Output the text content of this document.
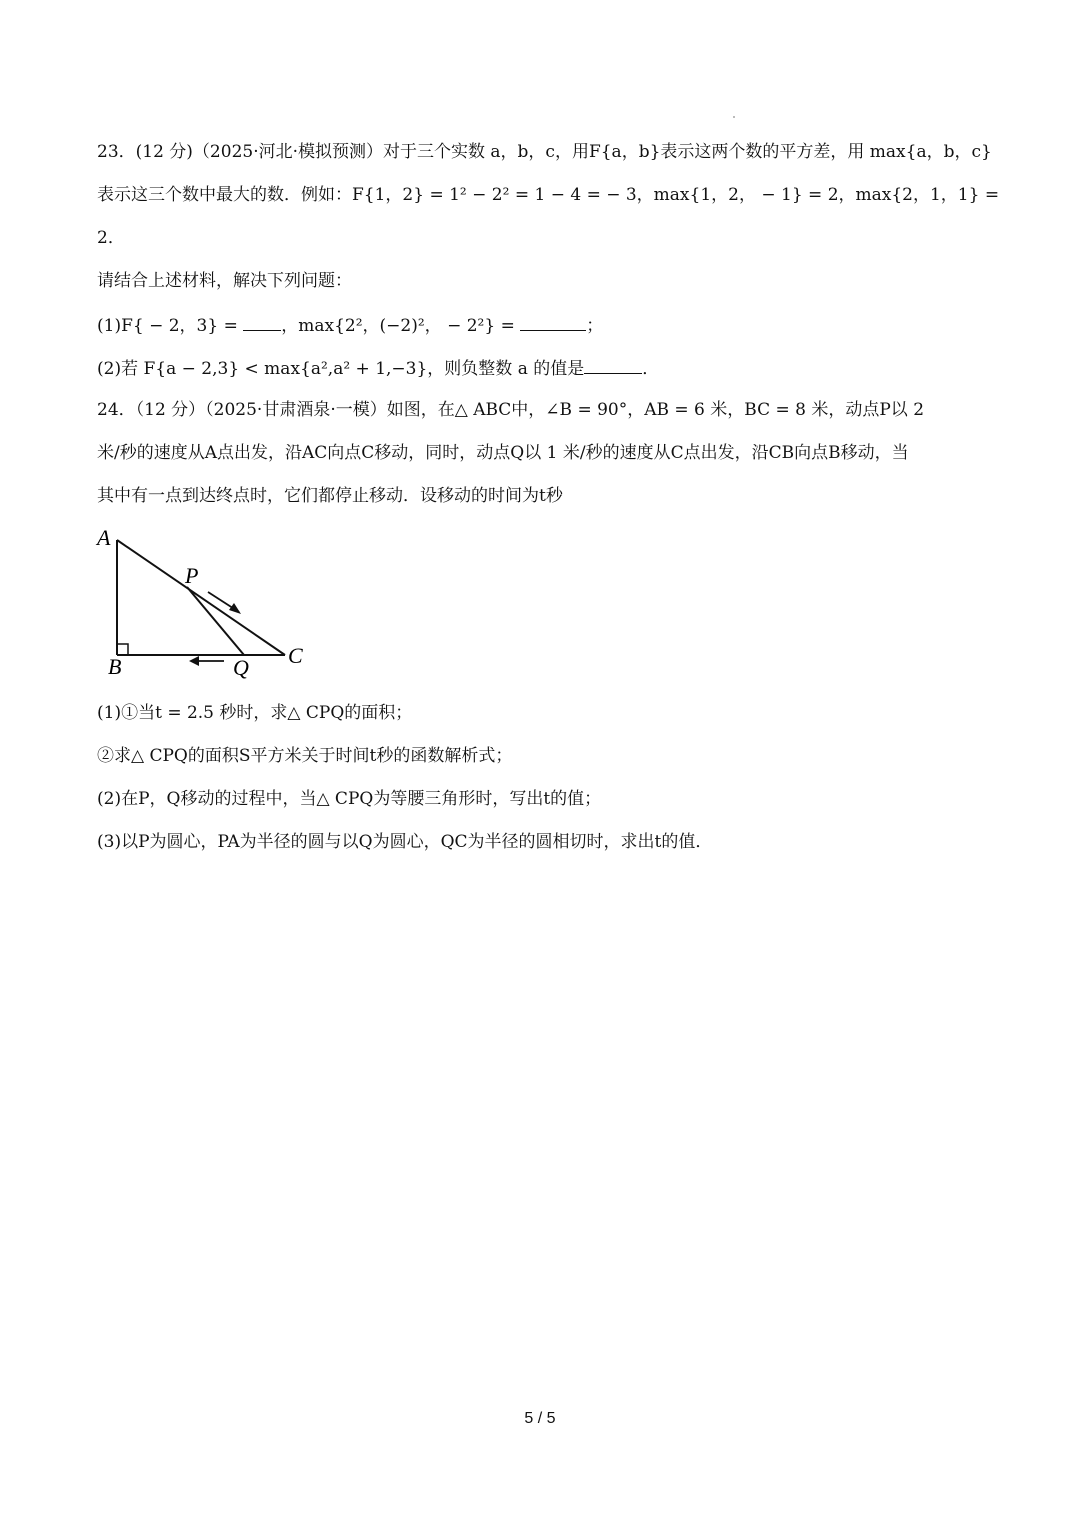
23．(12 分)（2025·河北·模拟预测）对于三个实数 a，b，c，用F{a，b}表示这两个数的平方差，用 max{a，b，c}
表示这三个数中最大的数．例如：F{1，2} = 1² − 2² = 1 − 4 = − 3，max{1，2， − 1} = 2，max{2，1，1} =
2．
请结合上述材料，解决下列问题：
(1)F{ − 2，3} =	，max{2²，(−2)²， − 2²} =	；
(2)若 F{a − 2,3} < max{a²,a² + 1,−3}，则负整数 a 的值是	．
24．（12 分）（2025·甘肃酒泉·一模）如图，在△ ABC中，∠B = 90°，AB = 6 米，BC = 8 米，动点P以 2
米/秒的速度从A点出发，沿AC向点C移动，同时，动点Q以 1 米/秒的速度从C点出发，沿CB向点B移动，当
其中有一点到达终点时，它们都停止移动．设移动的时间为t秒
A
P
C
B	Q
(1)①当t = 2.5 秒时，求△ CPQ的面积；
②求△ CPQ的面积S平方米关于时间t秒的函数解析式；
(2)在P，Q移动的过程中，当△ CPQ为等腰三角形时，写出t的值；
(3)以P为圆心，PA为半径的圆与以Q为圆心，QC为半径的圆相切时，求出t的值．
5 / 5
